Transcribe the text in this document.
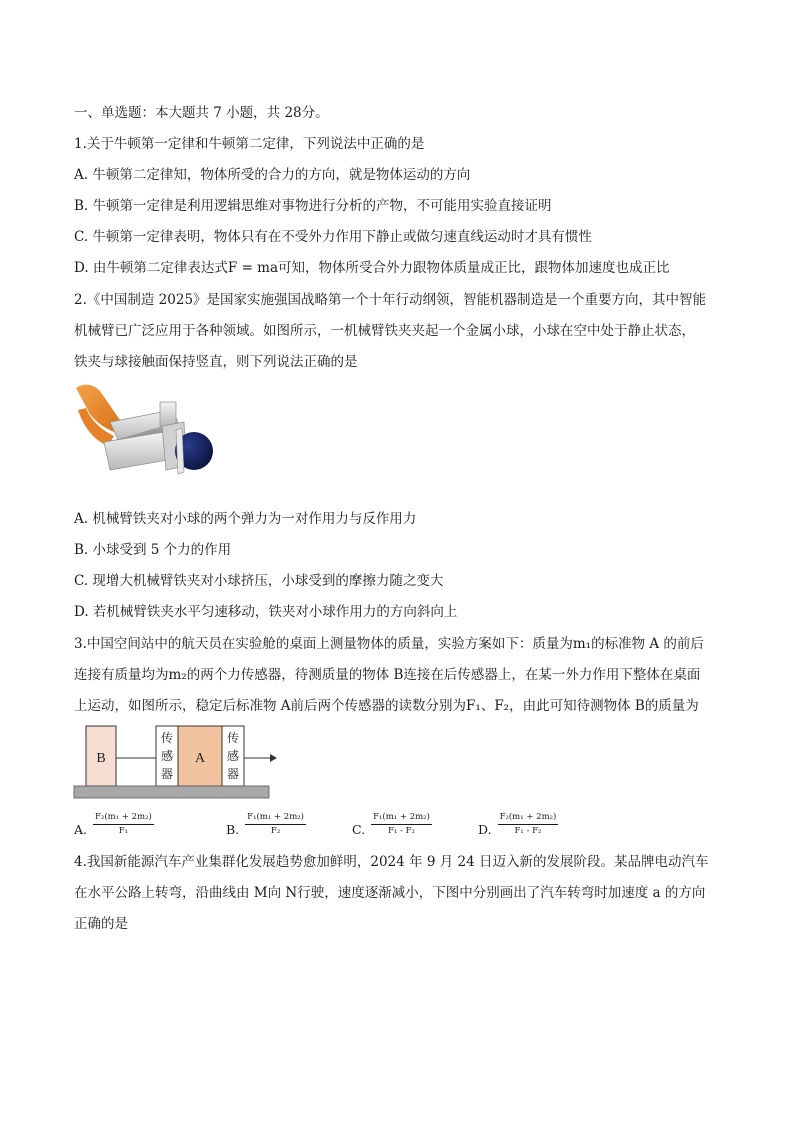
一、单选题：本大题共 7 小题，共 28分。
1.关于牛顿第一定律和牛顿第二定律，下列说法中正确的是
A. 牛顿第二定律知，物体所受的合力的方向，就是物体运动的方向
B. 牛顿第一定律是利用逻辑思维对事物进行分析的产物，不可能用实验直接证明
C. 牛顿第一定律表明，物体只有在不受外力作用下静止或做匀速直线运动时才具有惯性
D. 由牛顿第二定律表达式F = ma可知，物体所受合外力跟物体质量成正比，跟物体加速度也成正比
2.《中国制造 2025》是国家实施强国战略第一个十年行动纲领，智能机器制造是一个重要方向，其中智能
机械臂已广泛应用于各种领域。如图所示，一机械臂铁夹夹起一个金属小球，小球在空中处于静止状态，
铁夹与球接触面保持竖直，则下列说法正确的是
A. 机械臂铁夹对小球的两个弹力为一对作用力与反作用力
B. 小球受到 5 个力的作用
C. 现增大机械臂铁夹对小球挤压，小球受到的摩擦力随之变大
D. 若机械臂铁夹水平匀速移动，铁夹对小球作用力的方向斜向上
3.中国空间站中的航天员在实验舱的桌面上测量物体的质量，实验方案如下：质量为m₁的标准物 A 的前后
连接有质量均为m₂的两个力传感器，待测质量的物体 B连接在后传感器上，在某一外力作用下整体在桌面
上运动，如图所示，稳定后标准物 A前后两个传感器的读数分别为F₁、F₂，由此可知待测物体 B的质量为
B
传
感
器
A
传
感
器
A. $\frac{\text{F₂(m₁ + 2m₂)}}{\text{F₁}}$	B. $\frac{\text{F₁(m₁ + 2m₂)}}{\text{F₂}}$	C. $\frac{\text{F₁(m₁ + 2m₂)}}{\text{F₁ - F₂}}$	D. $\frac{\text{F₂(m₁ + 2m₂)}}{\text{F₁ - F₂}}$
4.我国新能源汽车产业集群化发展趋势愈加鲜明，2024 年 9 月 24 日迈入新的发展阶段。某品牌电动汽车
在水平公路上转弯，沿曲线由 M向 N行驶，速度逐渐减小，下图中分别画出了汽车转弯时加速度 a 的方向
正确的是
